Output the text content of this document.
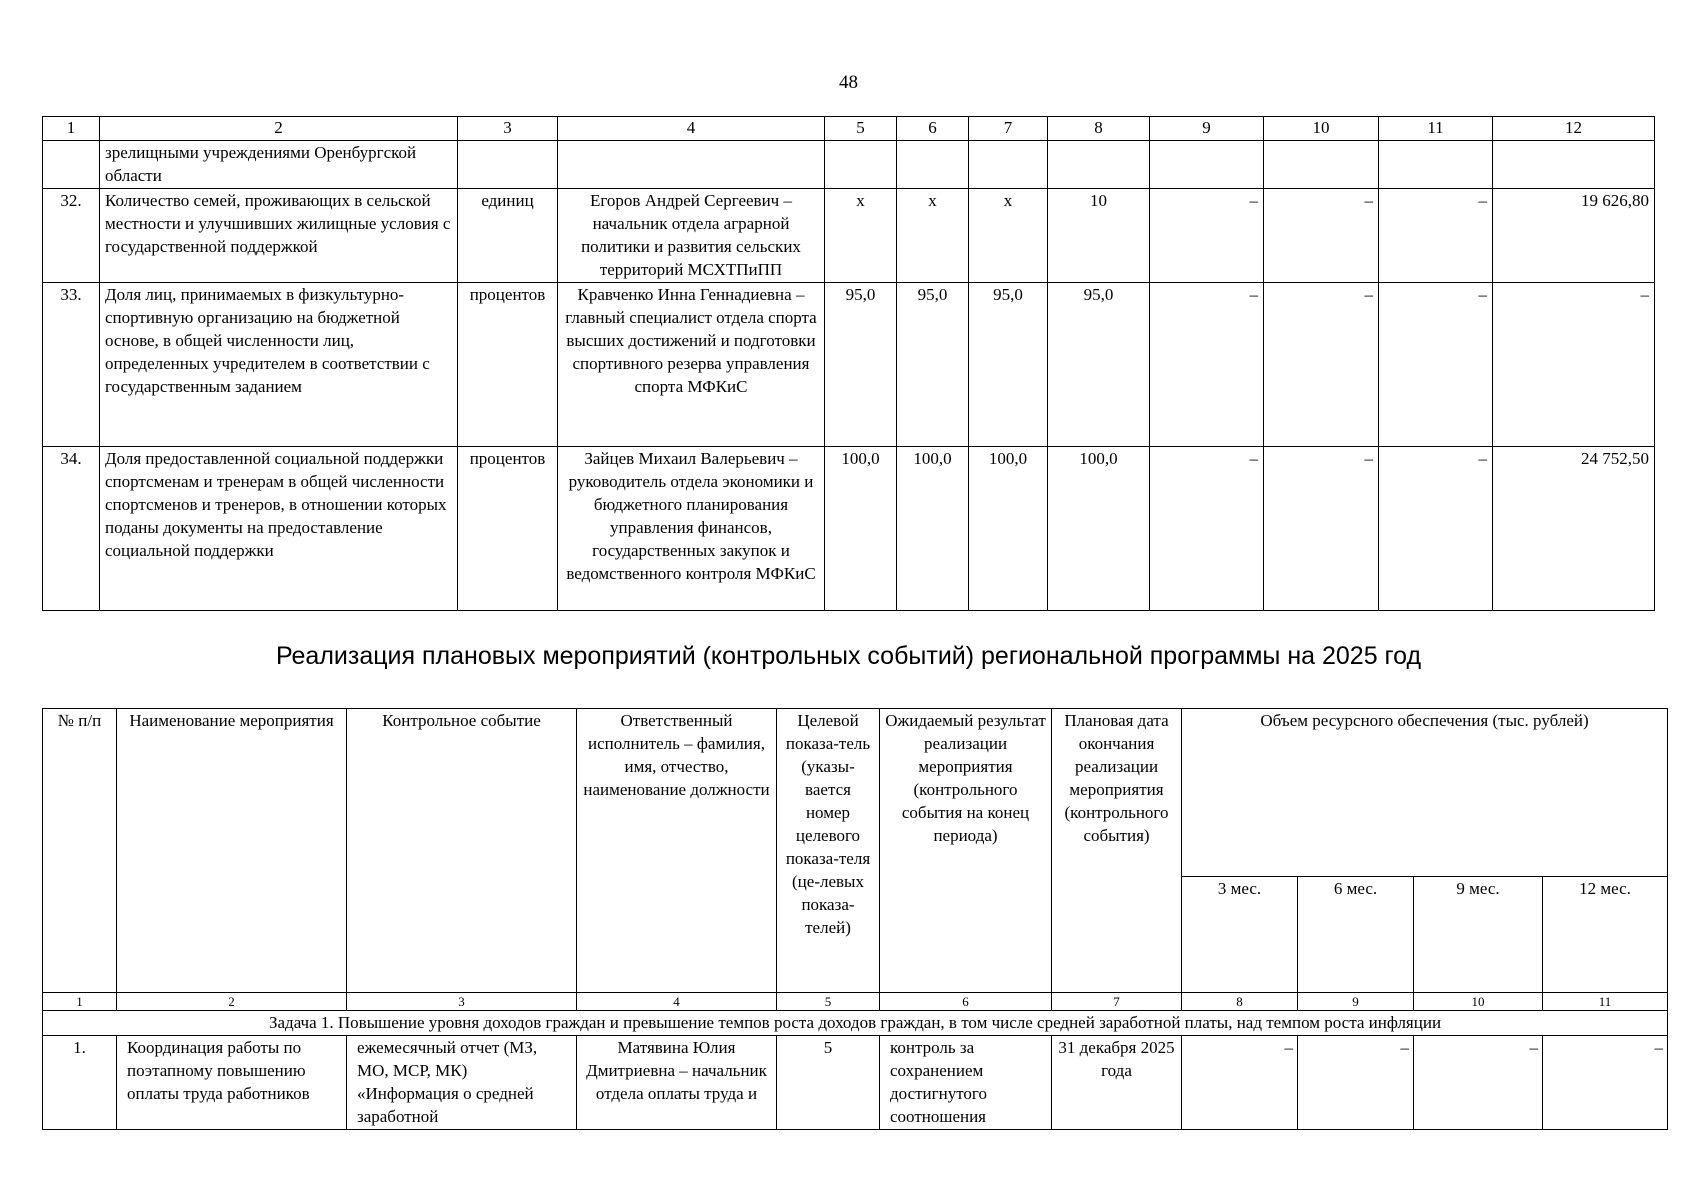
48
1	2	3	4	5	6	7	8	9	10	11	12
	зрелищными учреждениями Оренбургской области										
32.	Количество семей, проживающих в сельской местности и улучшивших жилищные условия с государственной поддержкой	единиц	Егоров Андрей Сергеевич – начальник отдела аграрной политики и развития сельских территорий МСХТПиПП	х	х	х	10	–	–	–	19 626,80
33.	Доля лиц, принимаемых в физкультурно-спортивную организацию на бюджетной основе, в общей численности лиц, определенных учредителем в соответствии с государственным заданием	процентов	Кравченко Инна Геннадиевна – главный специалист отдела спорта высших достижений и подготовки спортивного резерва управления спорта МФКиС	95,0	95,0	95,0	95,0	–	–	–	–
34.	Доля предоставленной социальной поддержки спортсменам и тренерам в общей численности спортсменов и тренеров, в отношении которых поданы документы на предоставление социальной поддержки	процентов	Зайцев Михаил Валерьевич – руководитель отдела экономики и бюджетного планирования управления финансов, государственных закупок и ведомственного контроля МФКиС	100,0	100,0	100,0	100,0	–	–	–	24 752,50
Реализация плановых мероприятий (контрольных событий) региональной программы на 2025 год
№ п/п	Наименование мероприятия	Контрольное событие	Ответственный исполнитель – фамилия, имя, отчество, наименование должности	Целевой показа-тель (указы-вается номер целевого показа-теля (це-левых показа-телей)	Ожидаемый результат реализации мероприятия (контрольного события на конец периода)	Плановая дата окончания реализации мероприятия (контрольного события)	Объем ресурсного обеспечения (тыс. рублей)			
							3 мес.	6 мес.	9 мес.	12 мес.
1	2	3	4	5	6	7	8	9	10	11
Задача 1. Повышение уровня доходов граждан и превышение темпов роста доходов граждан, в том числе средней заработной платы, над темпом роста инфляции										
1.	Координация работы по поэтапному повышению оплаты труда работников	ежемесячный отчет (МЗ, МО, МСР, МК) «Информация о средней заработной	Матявина Юлия Дмитриевна – начальник отдела оплаты труда и	5	контроль за сохранением достигнутого соотношения	31 декабря 2025 года	–	–	–	–
